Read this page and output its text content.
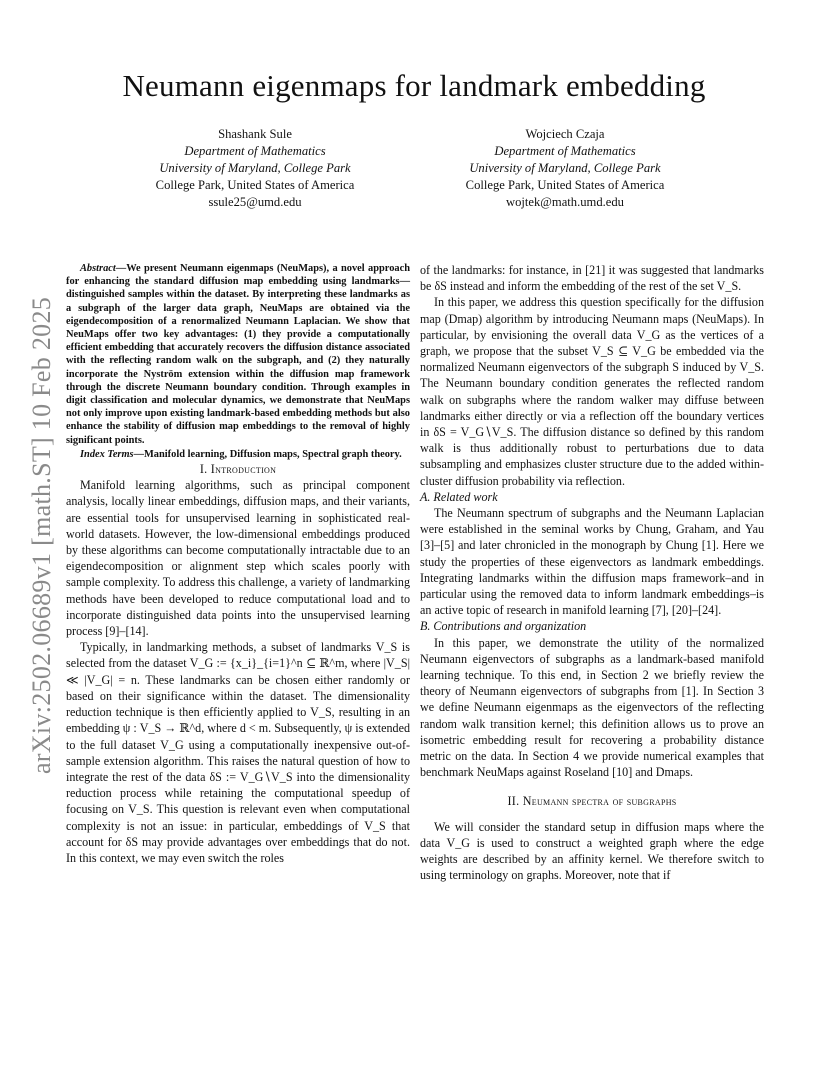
arXiv:2502.06689v1 [math.ST] 10 Feb 2025
Neumann eigenmaps for landmark embedding
Shashank Sule
Department of Mathematics
University of Maryland, College Park
College Park, United States of America
ssule25@umd.edu
Wojciech Czaja
Department of Mathematics
University of Maryland, College Park
College Park, United States of America
wojtek@math.umd.edu

Abstract—We present Neumann eigenmaps (NeuMaps), a novel approach for enhancing the standard diffusion map embedding using landmarks—distinguished samples within the dataset. By interpreting these landmarks as a subgraph of the larger data graph, NeuMaps are obtained via the eigendecomposition of a renormalized Neumann Laplacian. We show that NeuMaps offer two key advantages: (1) they provide a computationally efficient embedding that accurately recovers the diffusion distance associated with the reflecting random walk on the subgraph, and (2) they naturally incorporate the Nyström extension within the diffusion map framework through the discrete Neumann boundary condition. Through examples in digit classification and molecular dynamics, we demonstrate that NeuMaps not only improve upon existing landmark-based embedding methods but also enhance the stability of diffusion map embeddings to the removal of highly significant points.

Index Terms—Manifold learning, Diffusion maps, Spectral graph theory.

I. Introduction

Manifold learning algorithms, such as principal component analysis, locally linear embeddings, diffusion maps, and their variants, are essential tools for unsupervised learning in sophisticated real-world datasets. However, the low-dimensional embeddings produced by these algorithms can become computationally intractable due to an eigendecomposition or alignment step which scales poorly with sample complexity. To address this challenge, a variety of landmarking methods have been developed to reduce computational load and to incorporate distinguished data points into the unsupervised learning process [9]–[14].

Typically, in landmarking methods, a subset of landmarks V_S is selected from the dataset V_G := {x_i}_{i=1}^n ⊆ ℝ^m, where |V_S| ≪ |V_G| = n. These landmarks can be chosen either randomly or based on their significance within the dataset. The dimensionality reduction technique is then efficiently applied to V_S, resulting in an embedding ψ : V_S → ℝ^d, where d < m. Subsequently, ψ is extended to the full dataset V_G using a computationally inexpensive out-of-sample extension algorithm. This raises the natural question of how to integrate the rest of the data δS := V_G∖V_S into the dimensionality reduction process while retaining the computational speedup of focusing on V_S. This question is relevant even when computational complexity is not an issue: in particular, embeddings of V_S that account for δS may provide advantages over embeddings that do not. In this context, we may even switch the roles

of the landmarks: for instance, in [21] it was suggested that landmarks be δS instead and inform the embedding of the rest of the set V_S.

In this paper, we address this question specifically for the diffusion map (Dmap) algorithm by introducing Neumann maps (NeuMaps). In particular, by envisioning the overall data V_G as the vertices of a graph, we propose that the subset V_S ⊆ V_G be embedded via the normalized Neumann eigenvectors of the subgraph S induced by V_S. The Neumann boundary condition generates the reflected random walk on subgraphs where the random walker may diffuse between landmarks either directly or via a reflection off the boundary vertices in δS = V_G∖V_S. The diffusion distance so defined by this random walk is thus additionally robust to perturbations due to data subsampling and emphasizes cluster structure due to the added within-cluster diffusion probability via reflection.

A. Related work

The Neumann spectrum of subgraphs and the Neumann Laplacian were established in the seminal works by Chung, Graham, and Yau [3]–[5] and later chronicled in the monograph by Chung [1]. Here we study the properties of these eigenvectors as landmark embeddings. Integrating landmarks within the diffusion maps framework–and in particular using the removed data to inform landmark embeddings–is an active topic of research in manifold learning [7], [20]–[24].

B. Contributions and organization

In this paper, we demonstrate the utility of the normalized Neumann eigenvectors of subgraphs as a landmark-based manifold learning technique. To this end, in Section 2 we briefly review the theory of Neumann eigenvectors of subgraphs from [1]. In Section 3 we define Neumann eigenmaps as the eigenvectors of the reflecting random walk transition kernel; this definition allows us to prove an isometric embedding result for recovering a probability distance metric on the data. In Section 4 we provide numerical examples that benchmark NeuMaps against Roseland [10] and Dmaps.

II. Neumann spectra of subgraphs

We will consider the standard setup in diffusion maps where the data V_G is used to construct a weighted graph where the edge weights are described by an affinity kernel. We therefore switch to using terminology on graphs. Moreover, note that if
